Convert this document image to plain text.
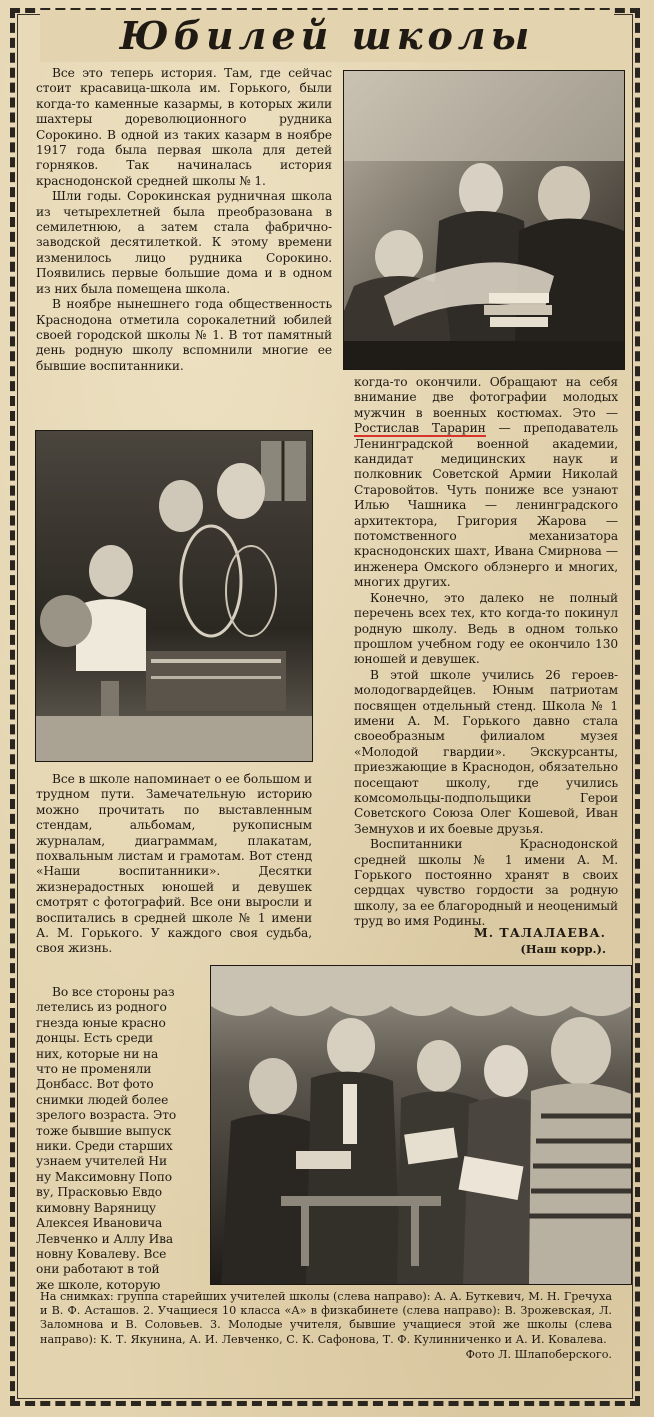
Юбилей школы

Все это теперь история. Там, где сейчас стоит красавица-школа им. Горького, были когда-то каменные казармы, в которых жили шахтеры дореволюционного рудника Сорокино. В одной из таких казарм в ноябре 1917 года была первая школа для детей горняков. Так начиналась история краснодонской средней школы № 1.

Шли годы. Сорокинская рудничная школа из четырехлетней была преобразована в семилетнюю, а затем стала фабрично-заводской десятилеткой. К этому времени изменилось лицо рудника Сорокино. Появились первые большие дома и в одном из них была помещена школа.

В ноябре нынешнего года общественность Краснодона отметила сорокалетний юбилей своей городской школы № 1. В тот памятный день родную школу вспомнили многие ее бывшие воспитанники.

когда-то окончили. Обращают на себя внимание две фотографии молодых мужчин в военных костюмах. Это — Ростислав Тарарин — преподаватель Ленинградской военной академии, кандидат медицинских наук и полковник Советской Армии Николай Старовойтов. Чуть пониже все узнают Илью Чашника — ленинградского архитектора, Григория Жарова — потомственного механизатора краснодонских шахт, Ивана Смирнова — инженера Омского облэнерго и многих, многих других.

Конечно, это далеко не полный перечень всех тех, кто когда-то покинул родную школу. Ведь в одном только прошлом учебном году ее окончило 130 юношей и девушек.

В этой школе учились 26 героев-молодогвардейцев. Юным патриотам посвящен отдельный стенд. Школа № 1 имени А. М. Горького давно стала своеобразным филиалом музея «Молодой гвардии». Экскурсанты, приезжающие в Краснодон, обязательно посещают школу, где учились комсомольцы-подпольщики Герои Советского Союза Олег Кошевой, Иван Земнухов и их боевые друзья.

Воспитанники Краснодонской средней школы № 1 имени А. М. Горького постоянно хранят в своих сердцах чувство гордости за родную школу, за ее благородный и неоценимый труд во имя Родины.

М. ТАЛАЛАЕВА.
(Наш корр.).

Все в школе напоминает о ее большом и трудном пути. Замечательную историю можно прочитать по выставленным стендам, альбомам, рукописным журналам, диаграммам, плакатам, похвальным листам и грамотам. Вот стенд «Наши воспитанники». Десятки жизнерадостных юношей и девушек смотрят с фотографий. Все они выросли и воспитались в средней школе № 1 имени А. М. Горького. У каждого своя судьба, своя жизнь.

Во все стороны раз
летелись из родного
гнезда юные красно
донцы. Есть среди
них, которые ни на
что не променяли
Донбасс. Вот фото
снимки людей более
зрелого возраста. Это
тоже бывшие выпуск
ники. Среди старших
узнаем учителей Ни
ну Максимовну Попо
ву, Прасковью Евдо
кимовну Варяницу
Алексея Ивановича
Левченко и Аллу Ива
новну Ковалеву. Все
они работают в той
же школе, которую
На снимках: группа старейших учителей школы (слева направо): А. А. Буткевич, М. Н. Гречуха и В. Ф. Асташов. 2. Учащиеся 10 класса «А» в физкабинете (слева направо): В. Зрожевская, Л. Заломнова и В. Соловьев. 3. Молодые учителя, бывшие учащиеся этой же школы (слева направо): К. Т. Якунина, А. И. Левченко, С. К. Сафонова, Т. Ф. Кулинниченко и А. И. Ковалева.
Фото Л. Шлапоберского.
